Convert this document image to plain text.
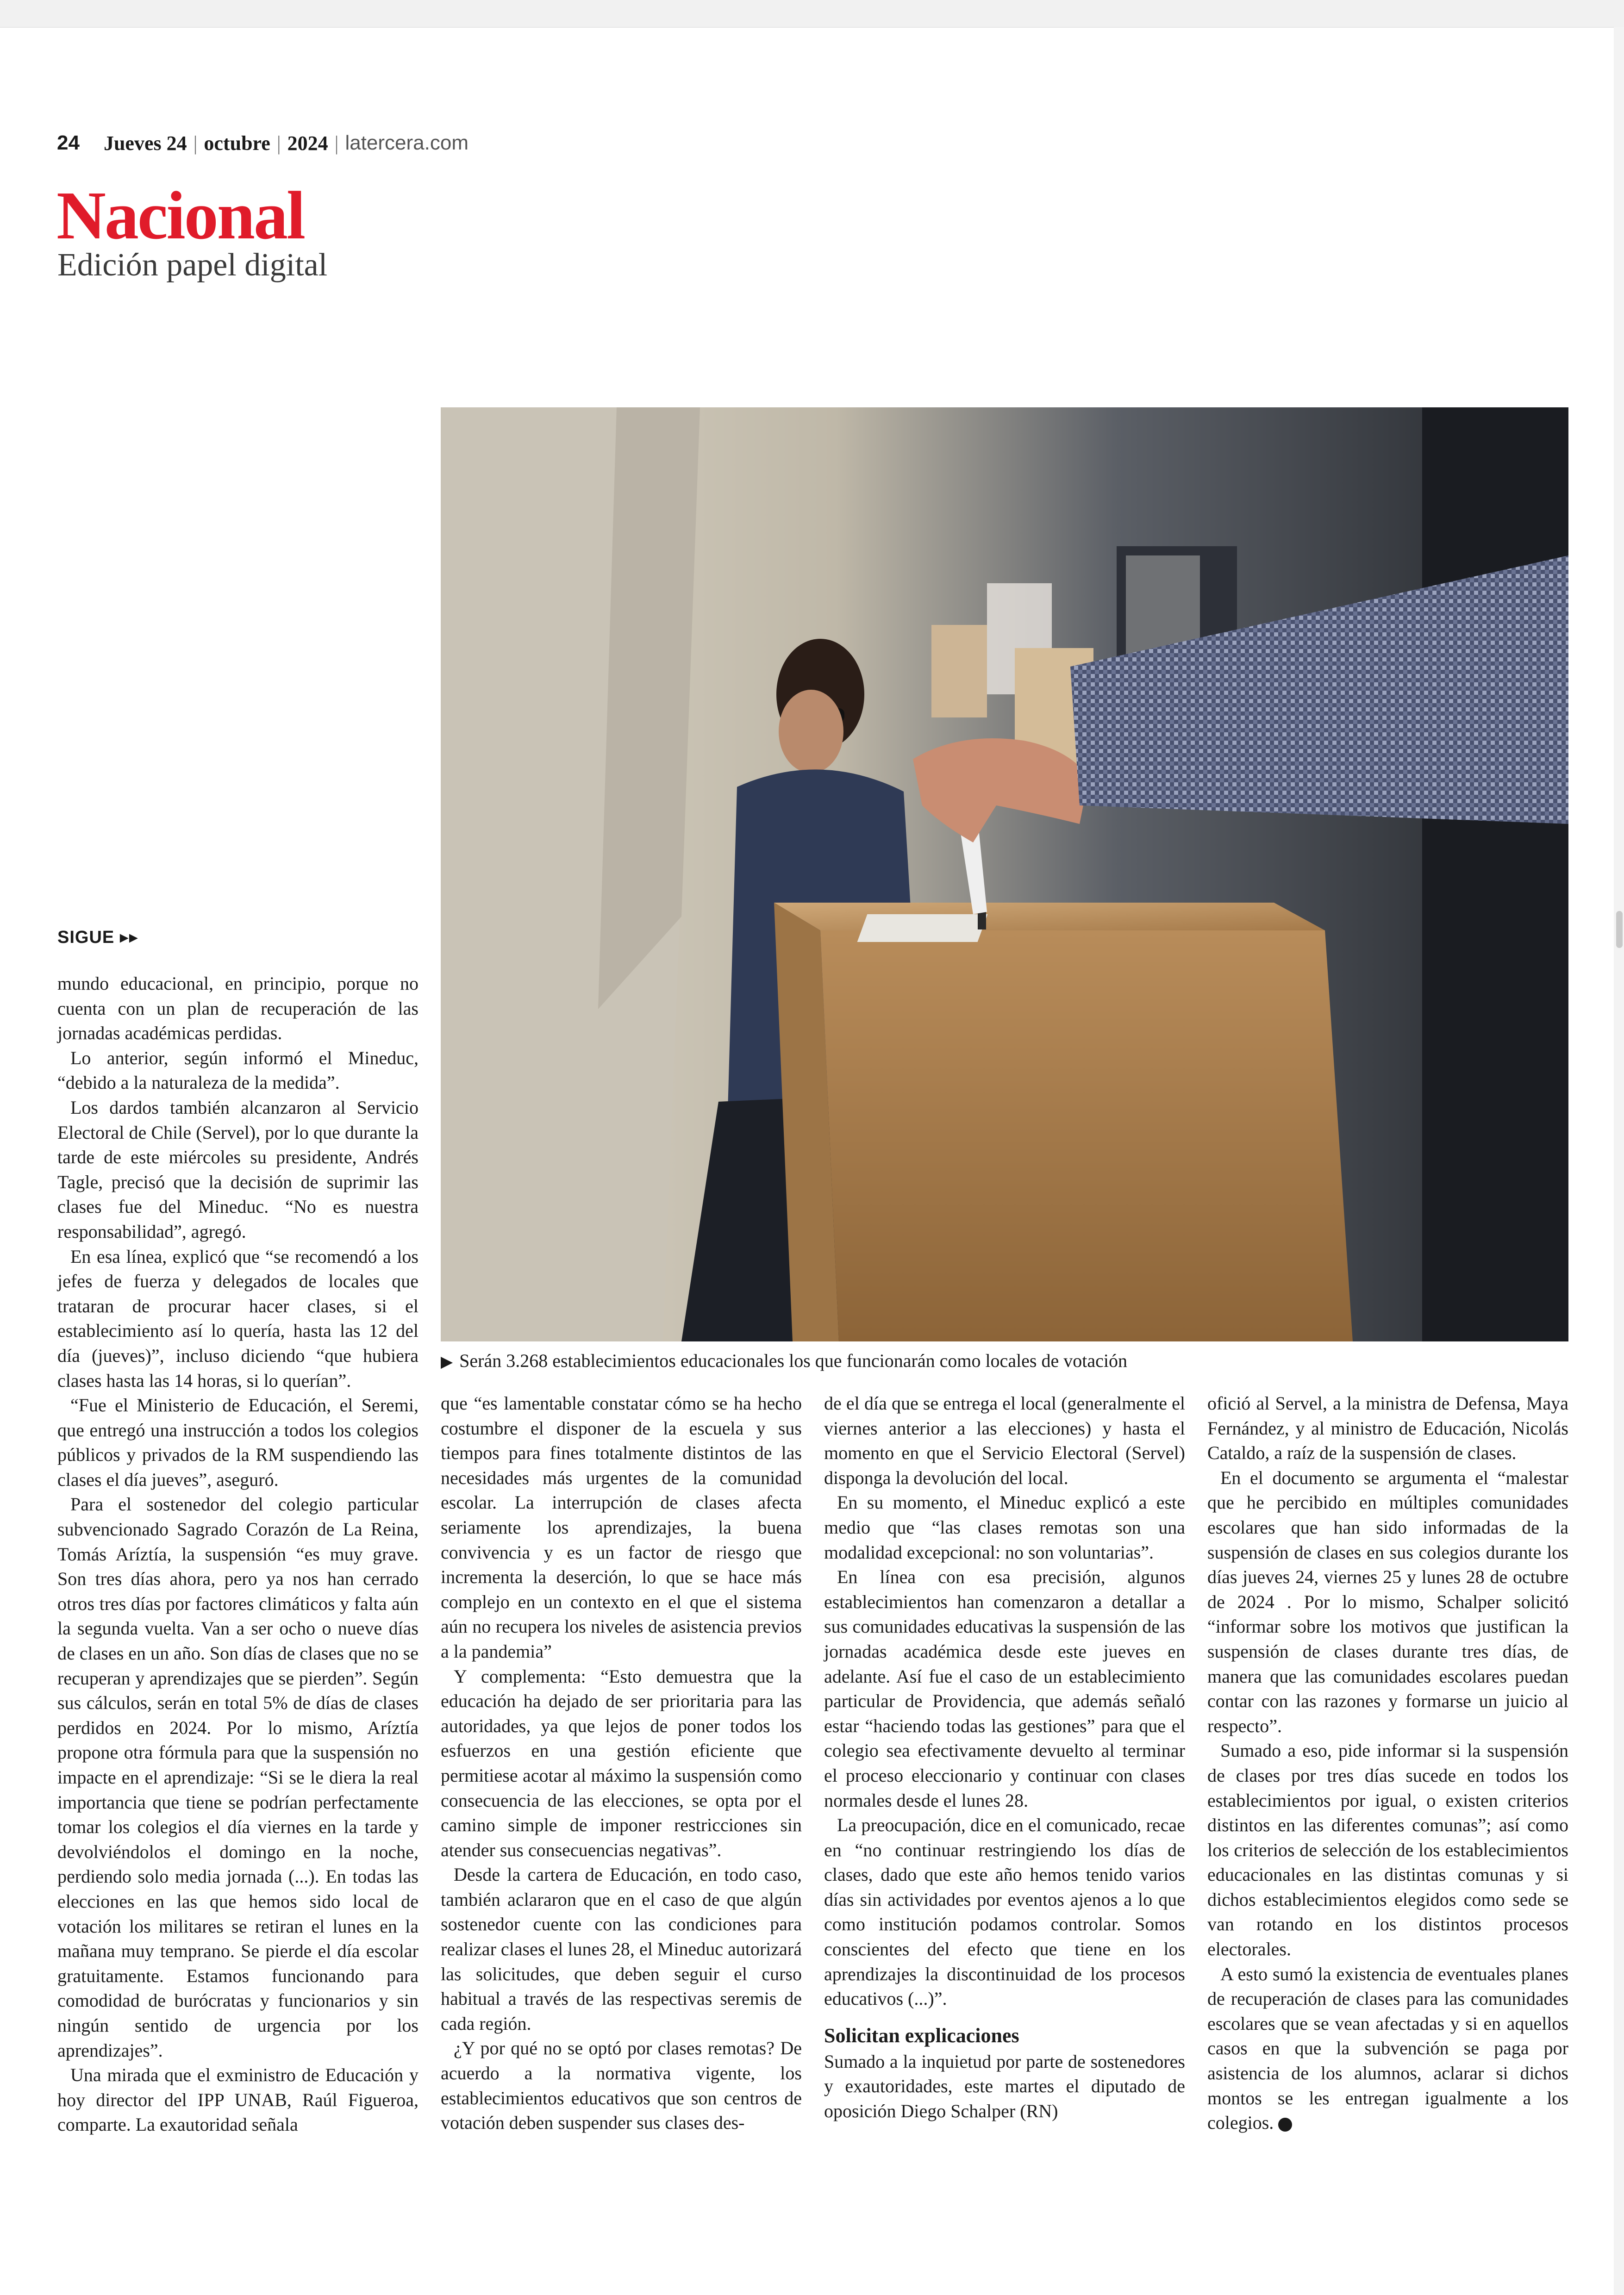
24 Jueves 24 | octubre | 2024 | latercera.com
Nacional
Edición papel digital
▶ Serán 3.268 establecimientos educacionales los que funcionarán como locales de votación
SIGUE ▸▸

mundo educacional, en principio, porque no cuenta con un plan de recuperación de las jornadas académicas perdidas.

Lo anterior, según informó el Mineduc, “debido a la naturaleza de la medida”.

Los dardos también alcanzaron al Servicio Electoral de Chile (Servel), por lo que durante la tarde de este miércoles su presidente, Andrés Tagle, precisó que la decisión de suprimir las clases fue del Mineduc. “No es nuestra responsabilidad”, agregó.

En esa línea, explicó que “se recomendó a los jefes de fuerza y delegados de locales que trataran de procurar hacer clases, si el establecimiento así lo quería, hasta las 12 del día (jueves)”, incluso diciendo “que hubiera clases hasta las 14 horas, si lo querían”.

“Fue el Ministerio de Educación, el Seremi, que entregó una instrucción a todos los colegios públicos y privados de la RM suspendiendo las clases el día jueves”, aseguró.

Para el sostenedor del colegio particular subvencionado Sagrado Corazón de La Reina, Tomás Aríztía, la suspensión “es muy grave. Son tres días ahora, pero ya nos han cerrado otros tres días por factores climáticos y falta aún la segunda vuelta. Van a ser ocho o nueve días de clases en un año. Son días de clases que no se recuperan y aprendizajes que se pierden”. Según sus cálculos, serán en total 5% de días de clases perdidos en 2024. Por lo mismo, Aríztía propone otra fórmula para que la suspensión no impacte en el aprendizaje: “Si se le diera la real importancia que tiene se podrían perfectamente tomar los colegios el día viernes en la tarde y devolviéndolos el domingo en la noche, perdiendo solo media jornada (...). En todas las elecciones en las que hemos sido local de votación los militares se retiran el lunes en la mañana muy temprano. Se pierde el día escolar gratuitamente. Estamos funcionando para comodidad de burócratas y funcionarios y sin ningún sentido de urgencia por los aprendizajes”.

Una mirada que el exministro de Educación y hoy director del IPP UNAB, Raúl Figueroa, comparte. La exautoridad señala

que “es lamentable constatar cómo se ha hecho costumbre el disponer de la escuela y sus tiempos para fines totalmente distintos de las necesidades más urgentes de la comunidad escolar. La interrupción de clases afecta seriamente los aprendizajes, la buena convivencia y es un factor de riesgo que incrementa la deserción, lo que se hace más complejo en un contexto en el que el sistema aún no recupera los niveles de asistencia previos a la pandemia”

Y complementa: “Esto demuestra que la educación ha dejado de ser prioritaria para las autoridades, ya que lejos de poner todos los esfuerzos en una gestión eficiente que permitiese acotar al máximo la suspensión como consecuencia de las elecciones, se opta por el camino simple de imponer restricciones sin atender sus consecuencias negativas”.

Desde la cartera de Educación, en todo caso, también aclararon que en el caso de que algún sostenedor cuente con las condiciones para realizar clases el lunes 28, el Mineduc autorizará las solicitudes, que deben seguir el curso habitual a través de las respectivas seremis de cada región.

¿Y por qué no se optó por clases remotas? De acuerdo a la normativa vigente, los establecimientos educativos que son centros de votación deben suspender sus clases des-

de el día que se entrega el local (generalmente el viernes anterior a las elecciones) y hasta el momento en que el Servicio Electoral (Servel) disponga la devolución del local.

En su momento, el Mineduc explicó a este medio que “las clases remotas son una modalidad excepcional: no son voluntarias”.

En línea con esa precisión, algunos establecimientos han comenzaron a detallar a sus comunidades educativas la suspensión de las jornadas académica desde este jueves en adelante. Así fue el caso de un establecimiento particular de Providencia, que además señaló estar “haciendo todas las gestiones” para que el colegio sea efectivamente devuelto al terminar el proceso eleccionario y continuar con clases normales desde el lunes 28.

La preocupación, dice en el comunicado, recae en “no continuar restringiendo los días de clases, dado que este año hemos tenido varios días sin actividades por eventos ajenos a lo que como institución podamos controlar. Somos conscientes del efecto que tiene en los aprendizajes la discontinuidad de los procesos educativos (...)”.

Solicitan explicaciones

Sumado a la inquietud por parte de sostenedores y exautoridades, este martes el diputado de oposición Diego Schalper (RN)

ofició al Servel, a la ministra de Defensa, Maya Fernández, y al ministro de Educación, Nicolás Cataldo, a raíz de la suspensión de clases.

En el documento se argumenta el “malestar que he percibido en múltiples comunidades escolares que han sido informadas de la suspensión de clases en sus colegios durante los días jueves 24, viernes 25 y lunes 28 de octubre de 2024 . Por lo mismo, Schalper solicitó “informar sobre los motivos que justifican la suspensión de clases durante tres días, de manera que las comunidades escolares puedan contar con las razones y formarse un juicio al respecto”.

Sumado a eso, pide informar si la suspensión de clases por tres días sucede en todos los establecimientos por igual, o existen criterios distintos en las diferentes comunas”; así como los criterios de selección de los establecimientos educacionales en las distintas comunas y si dichos establecimientos elegidos como sede se van rotando en los distintos procesos electorales.

A esto sumó la existencia de eventuales planes de recuperación de clases para las comunidades escolares que se vean afectadas y si en aquellos casos en que la subvención se paga por asistencia de los alumnos, aclarar si dichos montos se les entregan igualmente a los colegios.
